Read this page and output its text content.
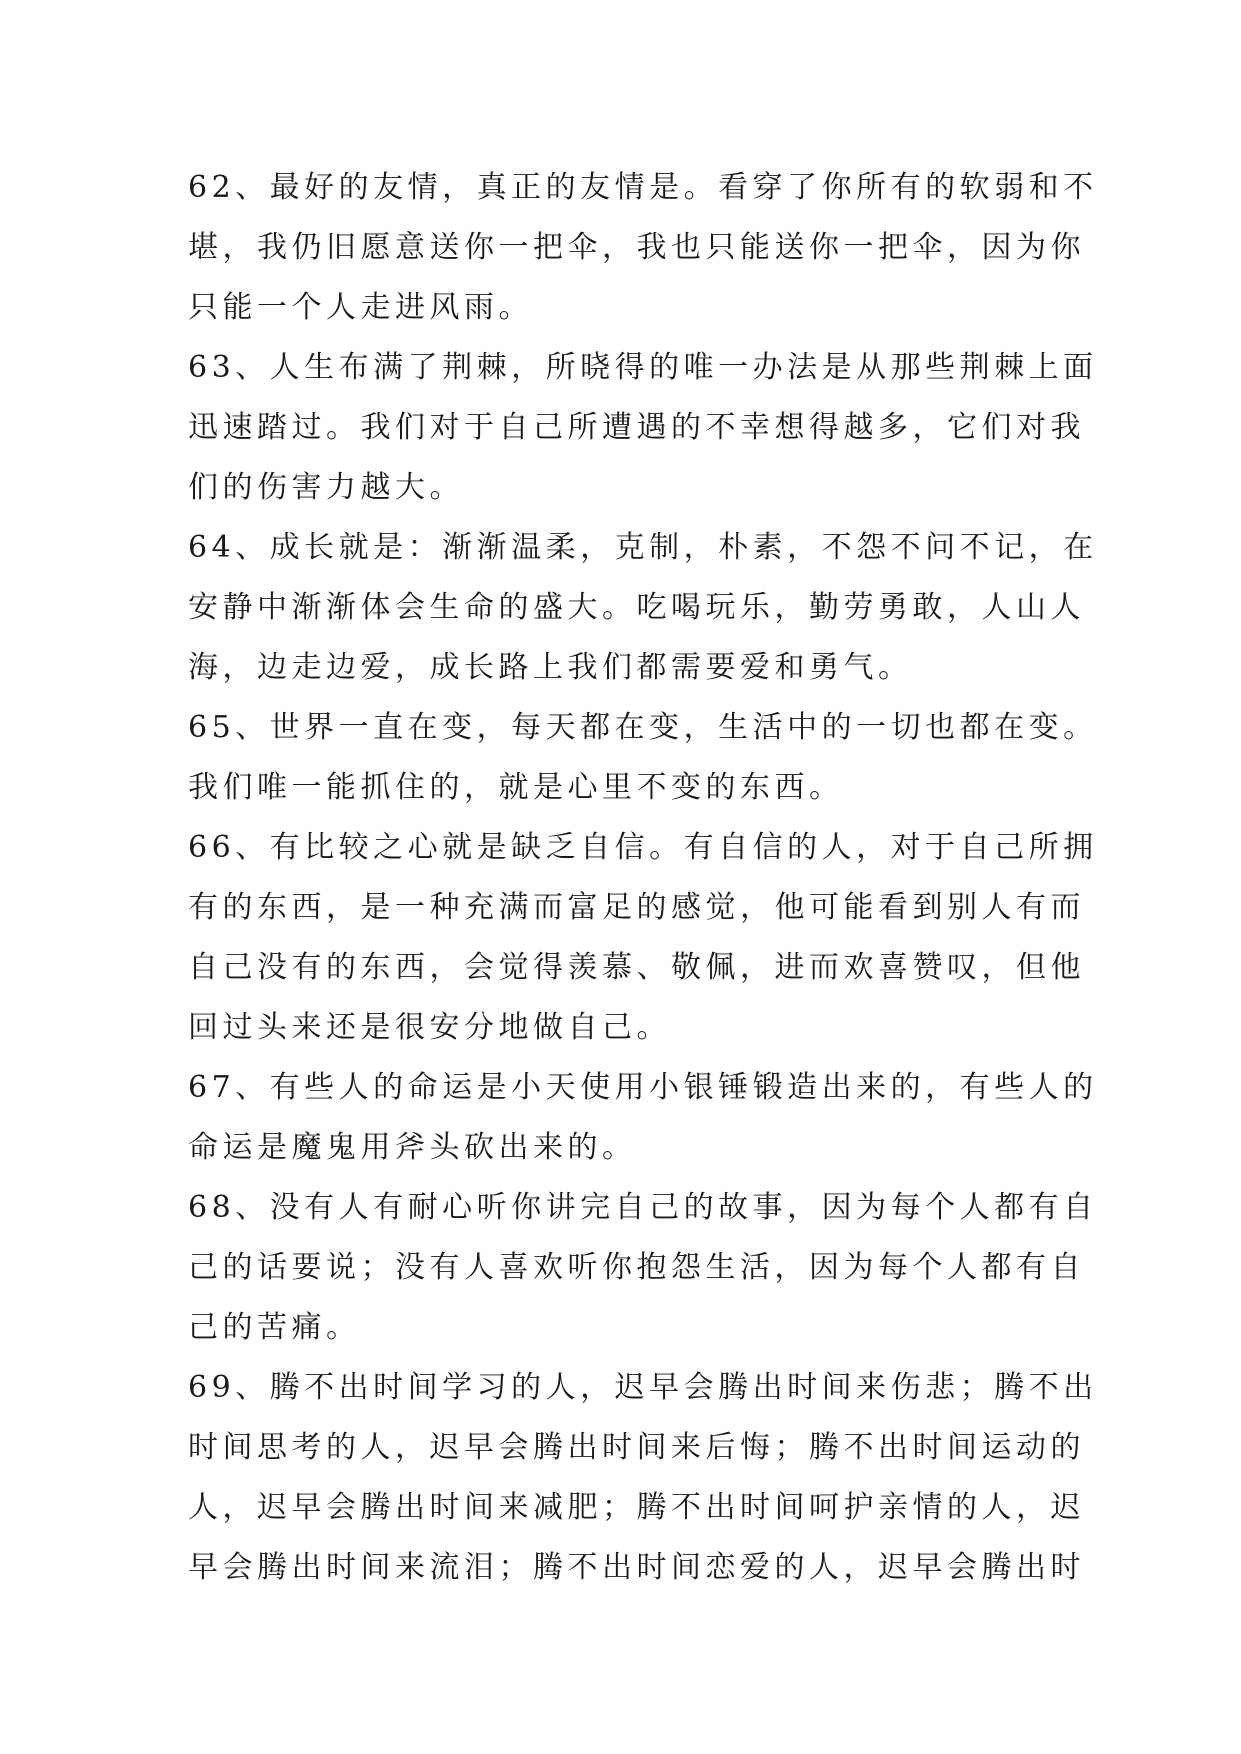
62、最好的友情，真正的友情是。看穿了你所有的软弱和不
堪，我仍旧愿意送你一把伞，我也只能送你一把伞，因为你
只能一个人走进风雨。
63、人生布满了荆棘，所晓得的唯一办法是从那些荆棘上面
迅速踏过。我们对于自己所遭遇的不幸想得越多，它们对我
们的伤害力越大。
64、成长就是：渐渐温柔，克制，朴素，不怨不问不记，在
安静中渐渐体会生命的盛大。吃喝玩乐，勤劳勇敢，人山人
海，边走边爱，成长路上我们都需要爱和勇气。
65、世界一直在变，每天都在变，生活中的一切也都在变。
我们唯一能抓住的，就是心里不变的东西。
66、有比较之心就是缺乏自信。有自信的人，对于自己所拥
有的东西，是一种充满而富足的感觉，他可能看到别人有而
自己没有的东西，会觉得羡慕、敬佩，进而欢喜赞叹，但他
回过头来还是很安分地做自己。
67、有些人的命运是小天使用小银锤锻造出来的，有些人的
命运是魔鬼用斧头砍出来的。
68、没有人有耐心听你讲完自己的故事，因为每个人都有自
己的话要说；没有人喜欢听你抱怨生活，因为每个人都有自
己的苦痛。
69、腾不出时间学习的人，迟早会腾出时间来伤悲；腾不出
时间思考的人，迟早会腾出时间来后悔；腾不出时间运动的
人，迟早会腾出时间来减肥；腾不出时间呵护亲情的人，迟
早会腾出时间来流泪；腾不出时间恋爱的人，迟早会腾出时
